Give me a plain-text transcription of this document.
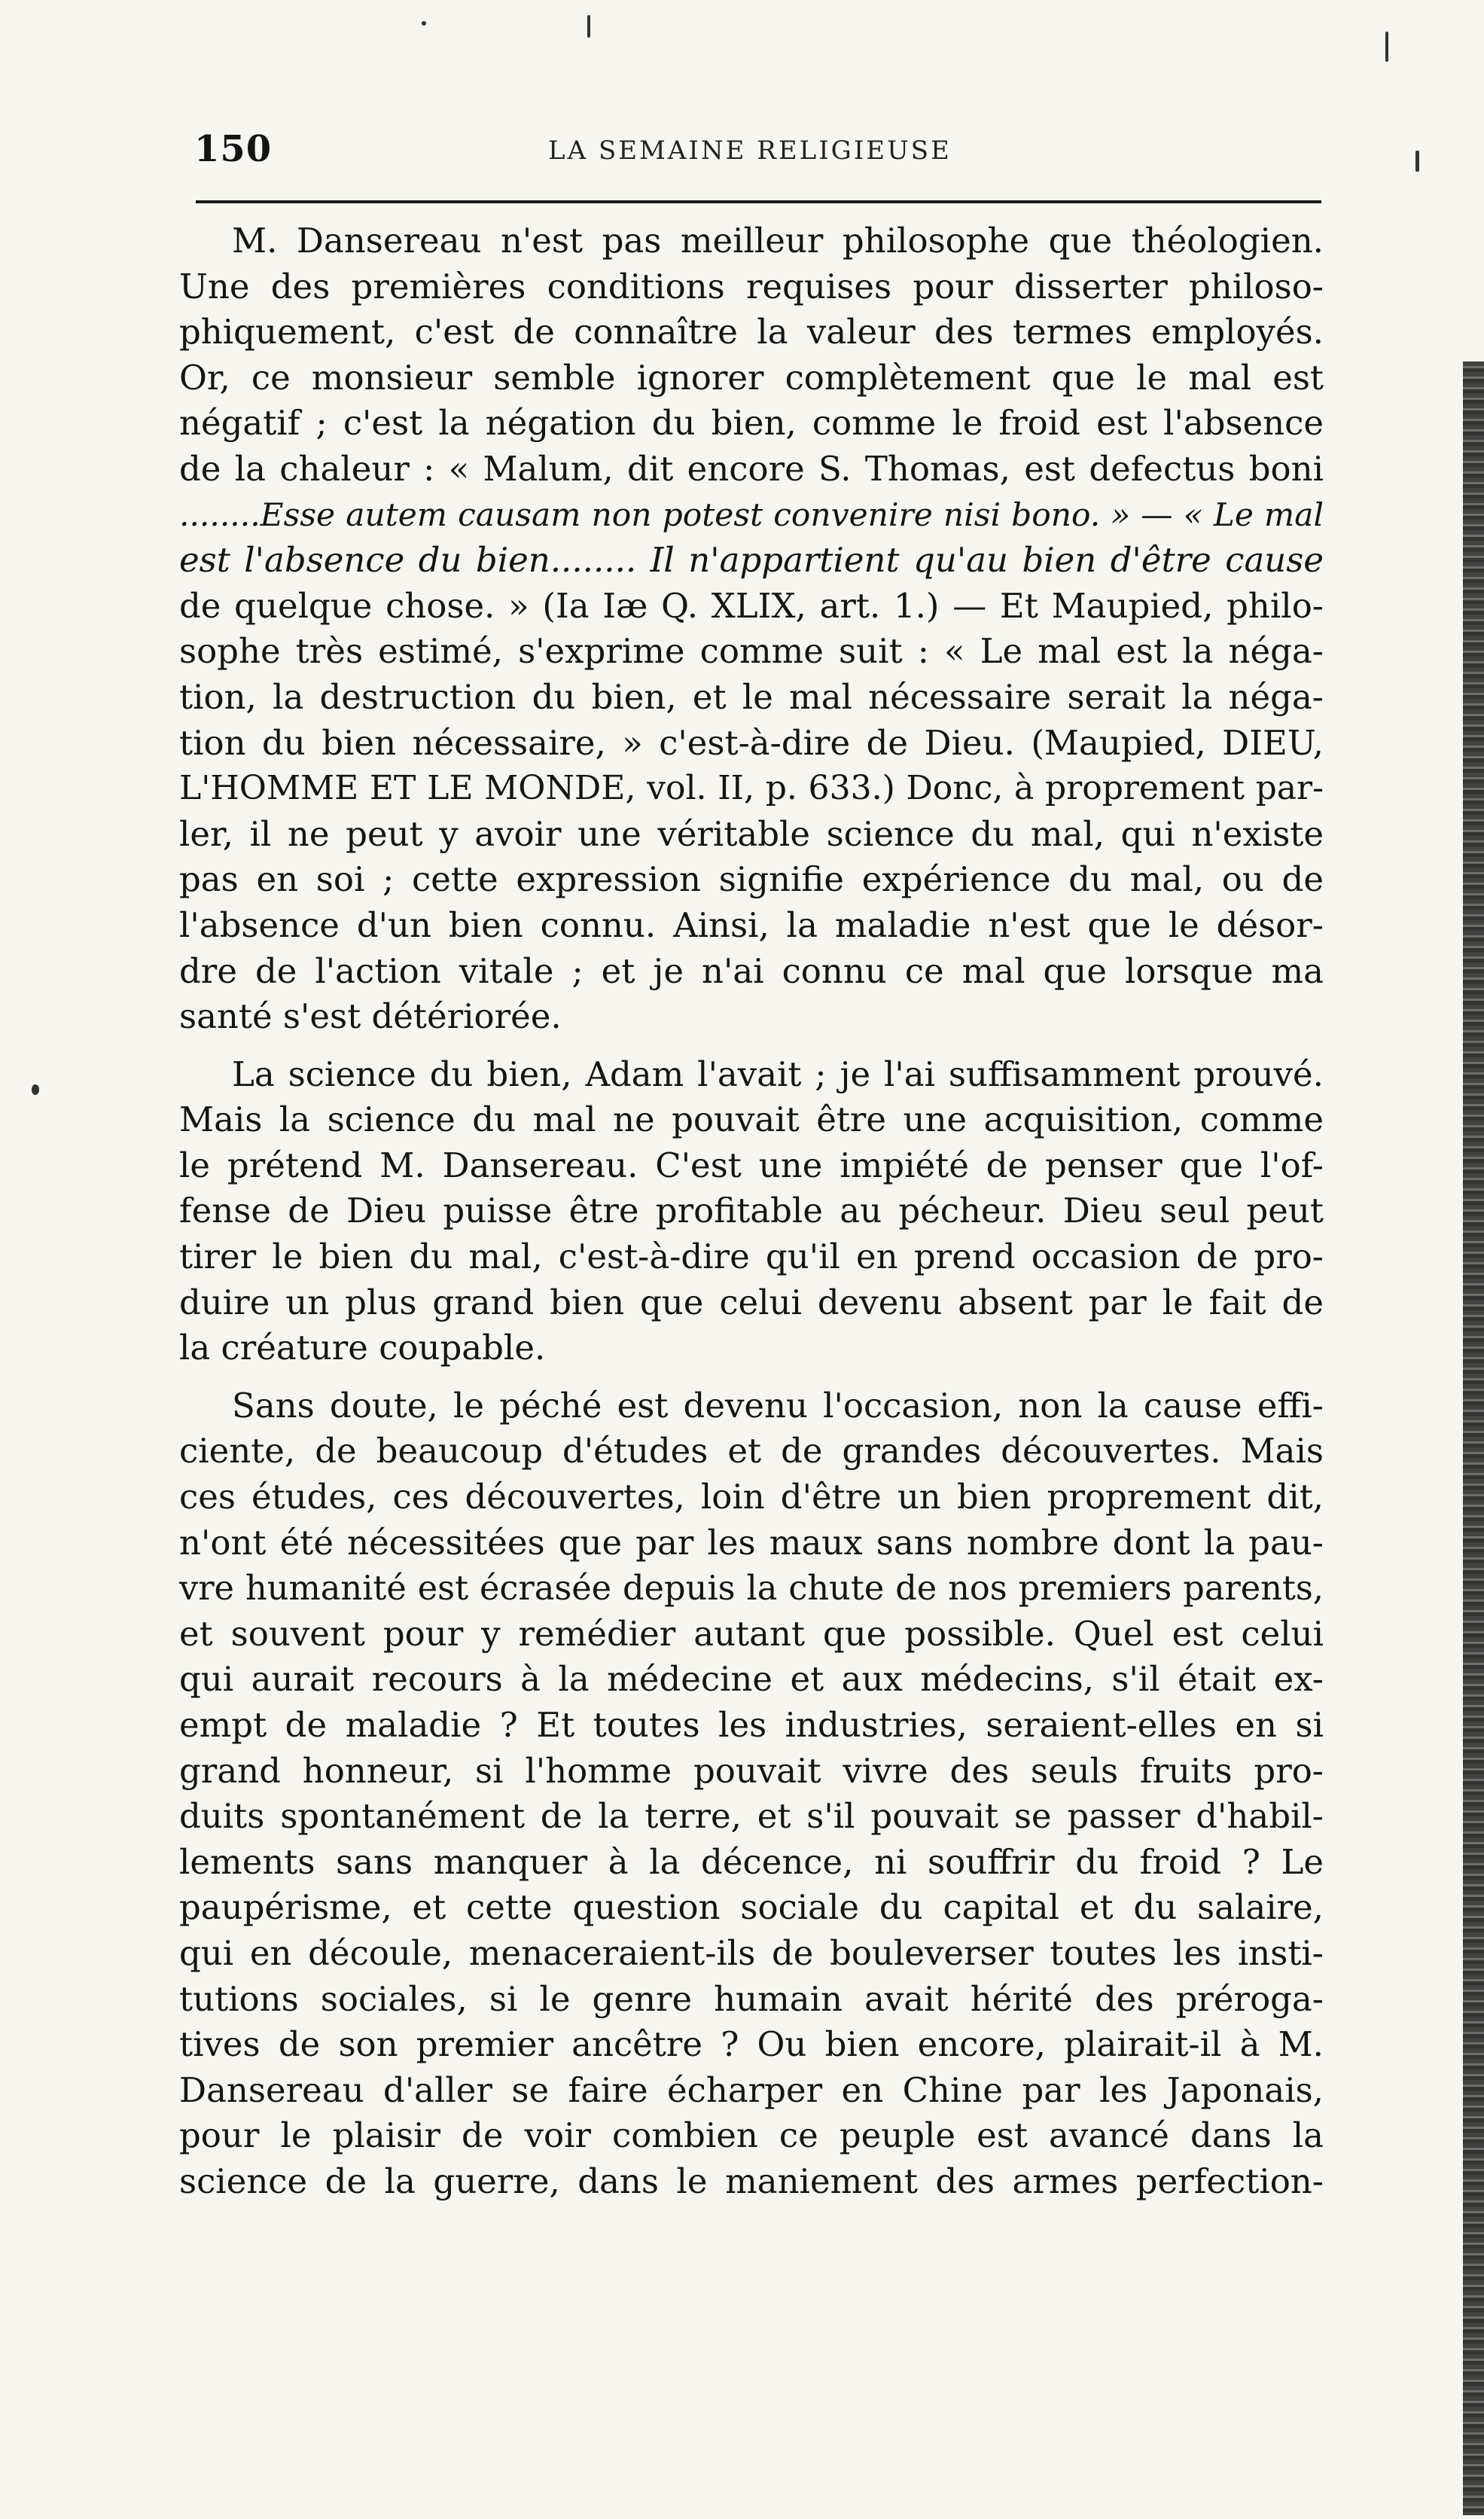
150	LA SEMAINE RELIGIEUSE
M. Dansereau n'est pas meilleur philosophe que théologien.
Une des premières conditions requises pour disserter philoso-
phiquement, c'est de connaître la valeur des termes employés.
Or, ce monsieur semble ignorer complètement que le mal est
négatif ; c'est la négation du bien, comme le froid est l'absence
de la chaleur : « Malum, dit encore S. Thomas, est defectus boni
........Esse autem causam non potest convenire nisi bono. » — « Le mal
est l'absence du bien........ Il n'appartient qu'au bien d'être cause
de quelque chose. » (Ia Iæ Q. XLIX, art. 1.) — Et Maupied, philo-
sophe très estimé, s'exprime comme suit : « Le mal est la néga-
tion, la destruction du bien, et le mal nécessaire serait la néga-
tion du bien nécessaire, » c'est-à-dire de Dieu. (Maupied, DIEU,
L'HOMME ET LE MONDE, vol. II, p. 633.) Donc, à proprement par-
ler, il ne peut y avoir une véritable science du mal, qui n'existe
pas en soi ; cette expression signifie expérience du mal, ou de
l'absence d'un bien connu. Ainsi, la maladie n'est que le désor-
dre de l'action vitale ; et je n'ai connu ce mal que lorsque ma
santé s'est détériorée.
La science du bien, Adam l'avait ; je l'ai suffisamment prouvé.
Mais la science du mal ne pouvait être une acquisition, comme
le prétend M. Dansereau. C'est une impiété de penser que l'of-
fense de Dieu puisse être profitable au pécheur. Dieu seul peut
tirer le bien du mal, c'est-à-dire qu'il en prend occasion de pro-
duire un plus grand bien que celui devenu absent par le fait de
la créature coupable.
Sans doute, le péché est devenu l'occasion, non la cause effi-
ciente, de beaucoup d'études et de grandes découvertes. Mais
ces études, ces découvertes, loin d'être un bien proprement dit,
n'ont été nécessitées que par les maux sans nombre dont la pau-
vre humanité est écrasée depuis la chute de nos premiers parents,
et souvent pour y remédier autant que possible. Quel est celui
qui aurait recours à la médecine et aux médecins, s'il était ex-
empt de maladie ? Et toutes les industries, seraient-elles en si
grand honneur, si l'homme pouvait vivre des seuls fruits pro-
duits spontanément de la terre, et s'il pouvait se passer d'habil-
lements sans manquer à la décence, ni souffrir du froid ? Le
paupérisme, et cette question sociale du capital et du salaire,
qui en découle, menaceraient-ils de bouleverser toutes les insti-
tutions sociales, si le genre humain avait hérité des préroga-
tives de son premier ancêtre ? Ou bien encore, plairait-il à M.
Dansereau d'aller se faire écharper en Chine par les Japonais,
pour le plaisir de voir combien ce peuple est avancé dans la
science de la guerre, dans le maniement des armes perfection-
